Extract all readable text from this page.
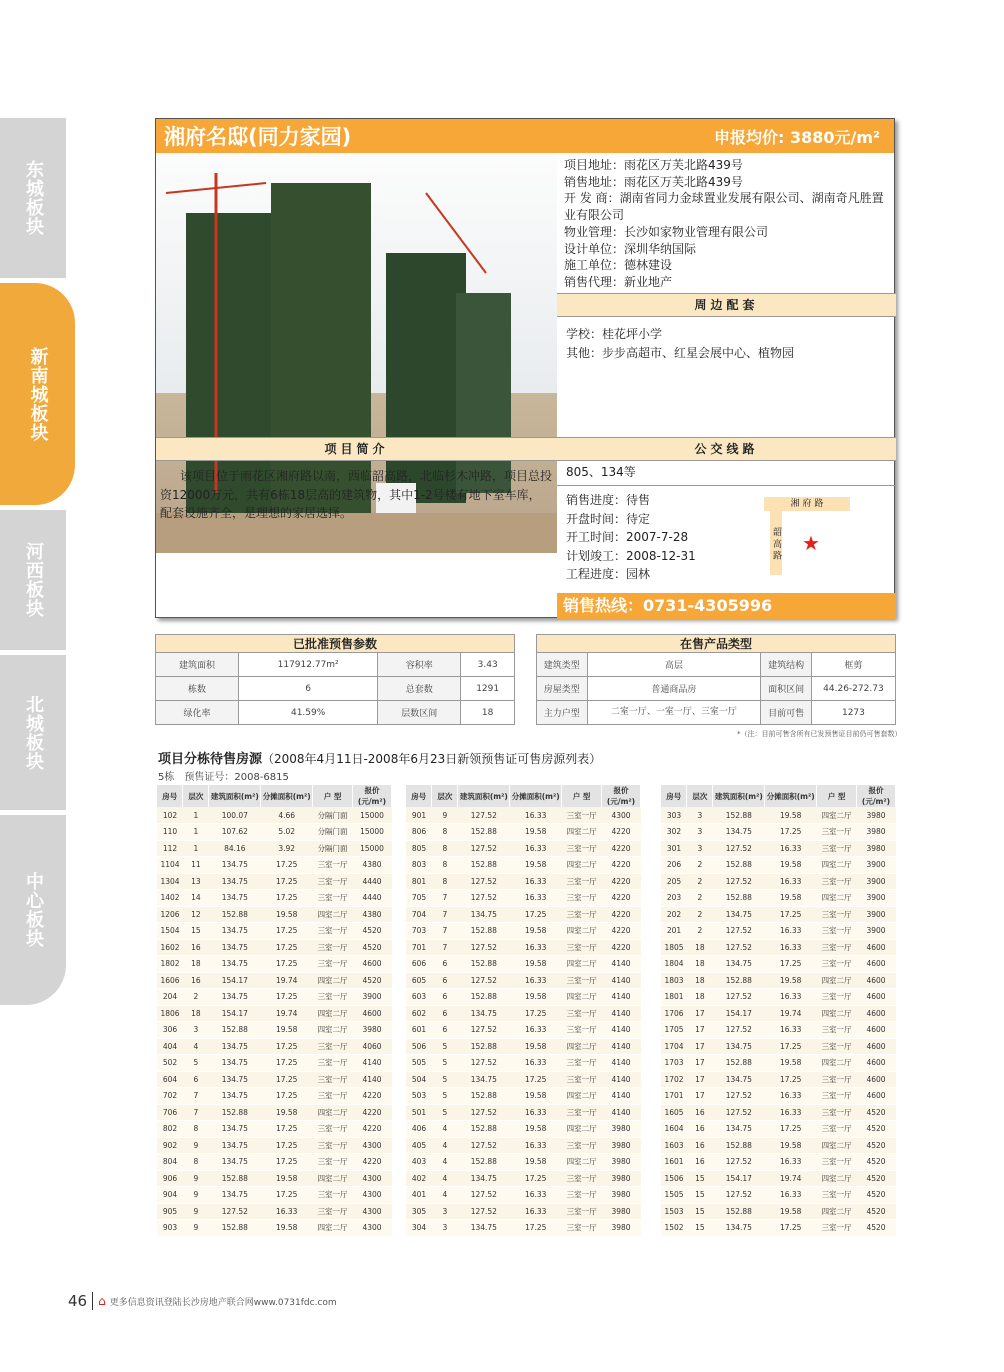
东城板块
新南城板块
河西板块
北城板块
中心板块
湘府名邸(同力家园)	申报均价: 3880元/m²
项目地址：雨花区万芙北路439号
销售地址：雨花区万芙北路439号
开 发 商：湖南省同力金球置业发展有限公司、湖南奇凡胜置业有限公司
物业管理：长沙如家物业管理有限公司
设计单位：深圳华纳国际
施工单位：德林建设
销售代理：新业地产
周边配套
学校：桂花坪小学
其他：步步高超市、红星会展中心、植物园
项目简介	公交线路
该项目位于雨花区湘府路以南，西临韶高路，北临杉木冲路，项目总投资12000万元，共有6栋18层高的建筑物，其中1-2号楼有地下室车库，配套设施齐全，是理想的家居选择。
805、134等
销售进度：待售
开盘时间：待定
开工时间：2007-7-28
计划竣工：2008-12-31
工程进度：园林
湘 府 路
韶 高 路 ★
销售热线：0731-4305996
已批准预售参数			
建筑面积	117912.77m²	容积率	3.43
栋数	6	总套数	1291
绿化率	41.59%	层数区间	18
在售产品类型			
建筑类型	高层	建筑结构	框剪
房屋类型	普通商品房	面积区间	44.26-272.73
主力户型	二室一厅、一室一厅、三室一厅	目前可售	1273
*（注：目前可售含所有已发预售证目前仍可售套数）
项目分栋待售房源（2008年4月11日-2008年6月23日新领预售证可售房源列表）
5栋　预售证号：2008-6815
房号	层次	建筑面积(m²)	分摊面积(m²)	户 型	报价(元/m²)
102	1	100.07	4.66	分隔门面	15000
110	1	107.62	5.02	分隔门面	15000
112	1	84.16	3.92	分隔门面	15000
1104	11	134.75	17.25	三室一厅	4380
1304	13	134.75	17.25	三室一厅	4440
1402	14	134.75	17.25	三室一厅	4440
1206	12	152.88	19.58	四室二厅	4380
1504	15	134.75	17.25	三室一厅	4520
1602	16	134.75	17.25	三室一厅	4520
1802	18	134.75	17.25	三室一厅	4600
1606	16	154.17	19.74	四室二厅	4520
204	2	134.75	17.25	三室一厅	3900
1806	18	154.17	19.74	四室二厅	4600
306	3	152.88	19.58	四室二厅	3980
404	4	134.75	17.25	三室一厅	4060
502	5	134.75	17.25	三室一厅	4140
604	6	134.75	17.25	三室一厅	4140
702	7	134.75	17.25	三室一厅	4220
706	7	152.88	19.58	四室二厅	4220
802	8	134.75	17.25	三室一厅	4220
902	9	134.75	17.25	三室一厅	4300
804	8	134.75	17.25	三室一厅	4220
906	9	152.88	19.58	四室二厅	4300
904	9	134.75	17.25	三室一厅	4300
905	9	127.52	16.33	三室一厅	4300
903	9	152.88	19.58	四室二厅	4300
房号	层次	建筑面积(m²)	分摊面积(m²)	户 型	报价(元/m²)
901	9	127.52	16.33	三室一厅	4300
806	8	152.88	19.58	四室二厅	4220
805	8	127.52	16.33	三室一厅	4220
803	8	152.88	19.58	四室二厅	4220
801	8	127.52	16.33	三室一厅	4220
705	7	127.52	16.33	三室一厅	4220
704	7	134.75	17.25	三室一厅	4220
703	7	152.88	19.58	四室二厅	4220
701	7	127.52	16.33	三室一厅	4220
606	6	152.88	19.58	四室二厅	4140
605	6	127.52	16.33	三室一厅	4140
603	6	152.88	19.58	四室二厅	4140
602	6	134.75	17.25	三室一厅	4140
601	6	127.52	16.33	三室一厅	4140
506	5	152.88	19.58	四室二厅	4140
505	5	127.52	16.33	三室一厅	4140
504	5	134.75	17.25	三室一厅	4140
503	5	152.88	19.58	四室二厅	4140
501	5	127.52	16.33	三室一厅	4140
406	4	152.88	19.58	四室二厅	3980
405	4	127.52	16.33	三室一厅	3980
403	4	152.88	19.58	四室二厅	3980
402	4	134.75	17.25	三室一厅	3980
401	4	127.52	16.33	三室一厅	3980
305	3	127.52	16.33	三室一厅	3980
304	3	134.75	17.25	三室一厅	3980
房号	层次	建筑面积(m²)	分摊面积(m²)	户 型	报价(元/m²)
303	3	152.88	19.58	四室二厅	3980
302	3	134.75	17.25	三室一厅	3980
301	3	127.52	16.33	三室一厅	3980
206	2	152.88	19.58	四室二厅	3900
205	2	127.52	16.33	三室一厅	3900
203	2	152.88	19.58	四室二厅	3900
202	2	134.75	17.25	三室一厅	3900
201	2	127.52	16.33	三室一厅	3900
1805	18	127.52	16.33	三室一厅	4600
1804	18	134.75	17.25	三室一厅	4600
1803	18	152.88	19.58	四室二厅	4600
1801	18	127.52	16.33	三室一厅	4600
1706	17	154.17	19.74	四室二厅	4600
1705	17	127.52	16.33	三室一厅	4600
1704	17	134.75	17.25	三室一厅	4600
1703	17	152.88	19.58	四室二厅	4600
1702	17	134.75	17.25	三室一厅	4600
1701	17	127.52	16.33	三室一厅	4600
1605	16	127.52	16.33	三室一厅	4520
1604	16	134.75	17.25	三室一厅	4520
1603	16	152.88	19.58	四室二厅	4520
1601	16	127.52	16.33	三室一厅	4520
1506	15	154.17	19.74	四室二厅	4520
1505	15	127.52	16.33	三室一厅	4520
1503	15	152.88	19.58	四室二厅	4520
1502	15	134.75	17.25	三室一厅	4520
46 ⌂ 更多信息资讯登陆长沙房地产联合网www.0731fdc.com
